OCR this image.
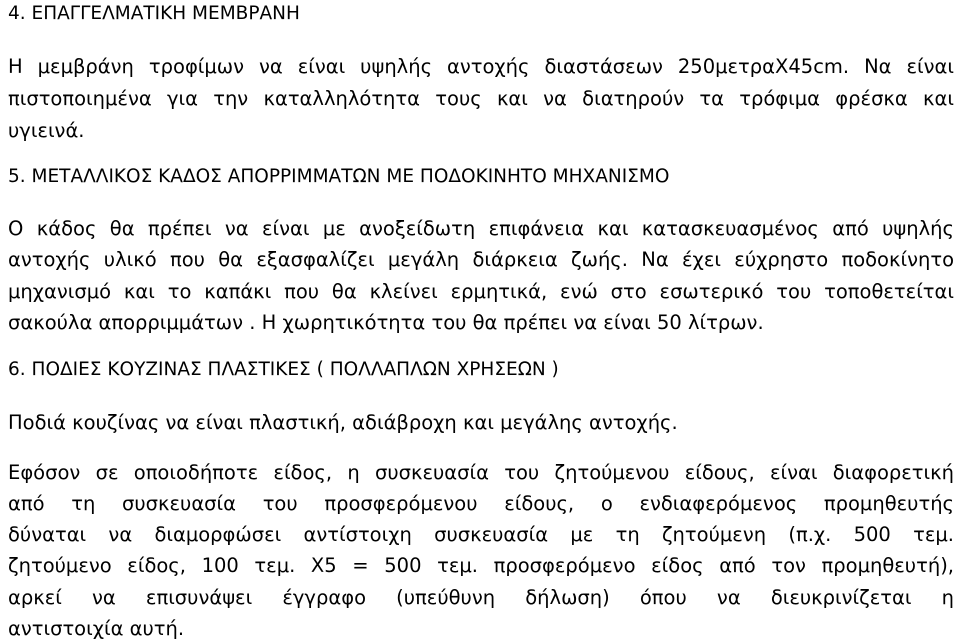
4. ΕΠΑΓΓΕΛΜΑΤΙΚΗ ΜΕΜΒΡΑΝΗ
Η μεμβράνη τροφίμων να είναι υψηλής αντοχής διαστάσεων 250μετραΧ45cm. Να είναι
πιστοποιημένα για την καταλληλότητα τους και να διατηρούν τα τρόφιμα φρέσκα και
υγιεινά.
5. ΜΕΤΑΛΛΙΚΟΣ ΚΑΔΟΣ ΑΠΟΡΡΙΜΜΑΤΩΝ ΜΕ ΠΟΔΟΚΙΝΗΤΟ ΜΗΧΑΝΙΣΜΟ
Ο κάδος θα πρέπει να είναι με ανοξείδωτη επιφάνεια και κατασκευασμένος από υψηλής
αντοχής υλικό που θα εξασφαλίζει μεγάλη διάρκεια ζωής. Να έχει εύχρηστο ποδοκίνητο
μηχανισμό και το καπάκι που θα κλείνει ερμητικά, ενώ στο εσωτερικό του τοποθετείται
σακούλα απορριμμάτων . Η χωρητικότητα του θα πρέπει να είναι 50 λίτρων.
6. ΠΟΔΙΕΣ ΚΟΥΖΙΝΑΣ ΠΛΑΣΤΙΚΕΣ ( ΠΟΛΛΑΠΛΩΝ ΧΡΗΣΕΩΝ )
Ποδιά κουζίνας να είναι πλαστική, αδιάβροχη και μεγάλης αντοχής.
Εφόσον σε οποιοδήποτε είδος, η συσκευασία του ζητούμενου είδους, είναι διαφορετική
από τη συσκευασία του προσφερόμενου είδους, ο ενδιαφερόμενος προμηθευτής
δύναται να διαμορφώσει αντίστοιχη συσκευασία με τη ζητούμενη (π.χ. 500 τεμ.
ζητούμενο είδος, 100 τεμ. Χ5 = 500 τεμ. προσφερόμενο είδος από τον προμηθευτή),
αρκεί να επισυνάψει έγγραφο (υπεύθυνη δήλωση) όπου να διευκρινίζεται η
αντιστοιχία αυτή.
